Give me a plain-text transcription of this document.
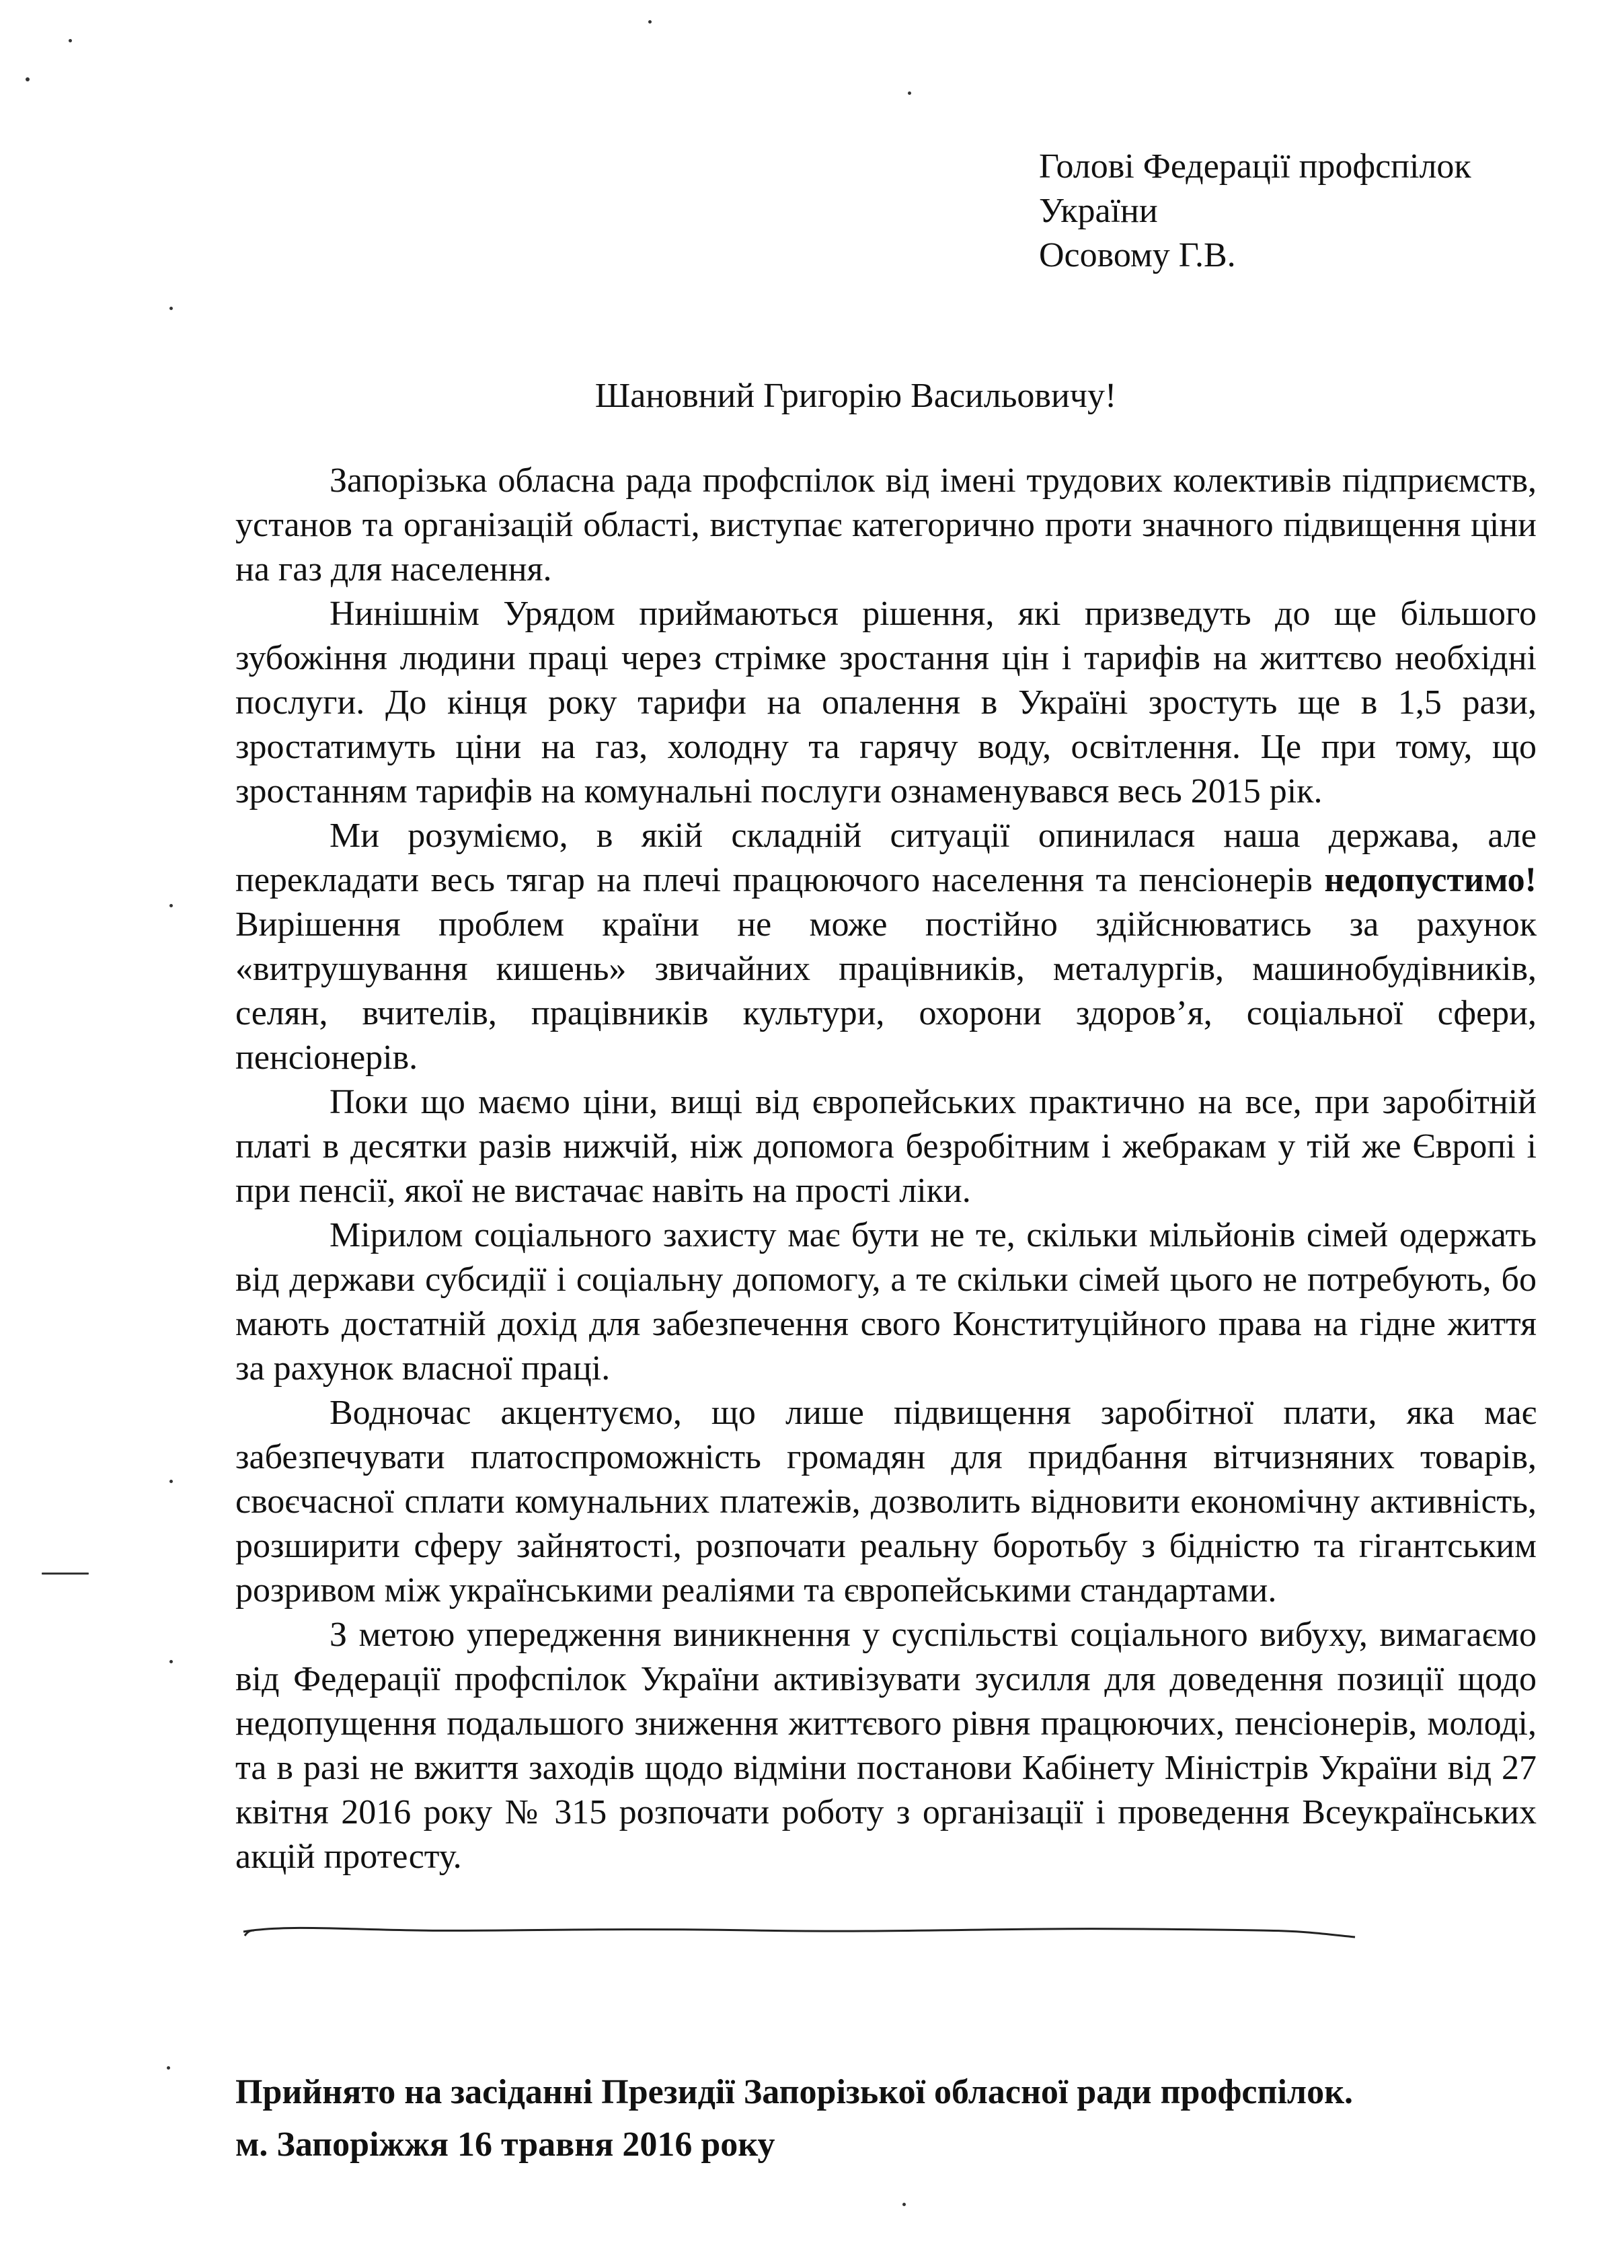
Голові Федерації профспілок
України
Осовому Г.В.
Шановний Григорію Васильовичу!

Запорізька обласна рада профспілок від імені трудових колективів підприємств, установ та організацій області, виступає категорично проти значного підвищення ціни на газ для населення.

Нинішнім Урядом приймаються рішення, які призведуть до ще більшого зубожіння людини праці через стрімке зростання цін і тарифів на життєво необхідні послуги. До кінця року тарифи на опалення в Україні зростуть ще в 1,5 рази, зростатимуть ціни на газ, холодну та гарячу воду, освітлення. Це при тому, що зростанням тарифів на комунальні послуги ознаменувався весь 2015 рік.

Ми розуміємо, в якій складній ситуації опинилася наша держава, але перекладати весь тягар на плечі працюючого населення та пенсіонерів недопустимо! Вирішення проблем країни не може постійно здійснюватись за рахунок «витрушування кишень» звичайних працівників, металургів, машинобудівників, селян, вчителів, працівників культури, охорони здоров’я, соціальної сфери, пенсіонерів.

Поки що маємо ціни, вищі від європейських практично на все, при заробітній платі в десятки разів нижчій, ніж допомога безробітним і жебракам у тій же Європі і при пенсії, якої не вистачає навіть на прості ліки.

Мірилом соціального захисту має бути не те, скільки мільйонів сімей одержать від держави субсидії і соціальну допомогу, а те скільки сімей цього не потребують, бо мають достатній дохід для забезпечення свого Конституційного права на гідне життя за рахунок власної праці.

Водночас акцентуємо, що лише підвищення заробітної плати, яка має забезпечувати платоспроможність громадян для придбання вітчизняних товарів, своєчасної сплати комунальних платежів, дозволить відновити економічну активність, розширити сферу зайнятості, розпочати реальну боротьбу з бідністю та гігантським розривом між українськими реаліями та європейськими стандартами.

З метою упередження виникнення у суспільстві соціального вибуху, вимагаємо від Федерації профспілок України активізувати зусилля для доведення позиції щодо недопущення подальшого зниження життєвого рівня працюючих, пенсіонерів, молоді, та в разі не вжиття заходів щодо відміни постанови Кабінету Міністрів України від 27 квітня 2016 року № 315 розпочати роботу з організації і проведення Всеукраїнських акцій протесту.

Прийнято на засіданні Президії Запорізької обласної ради профспілок.
м. Запоріжжя 16 травня 2016 року
